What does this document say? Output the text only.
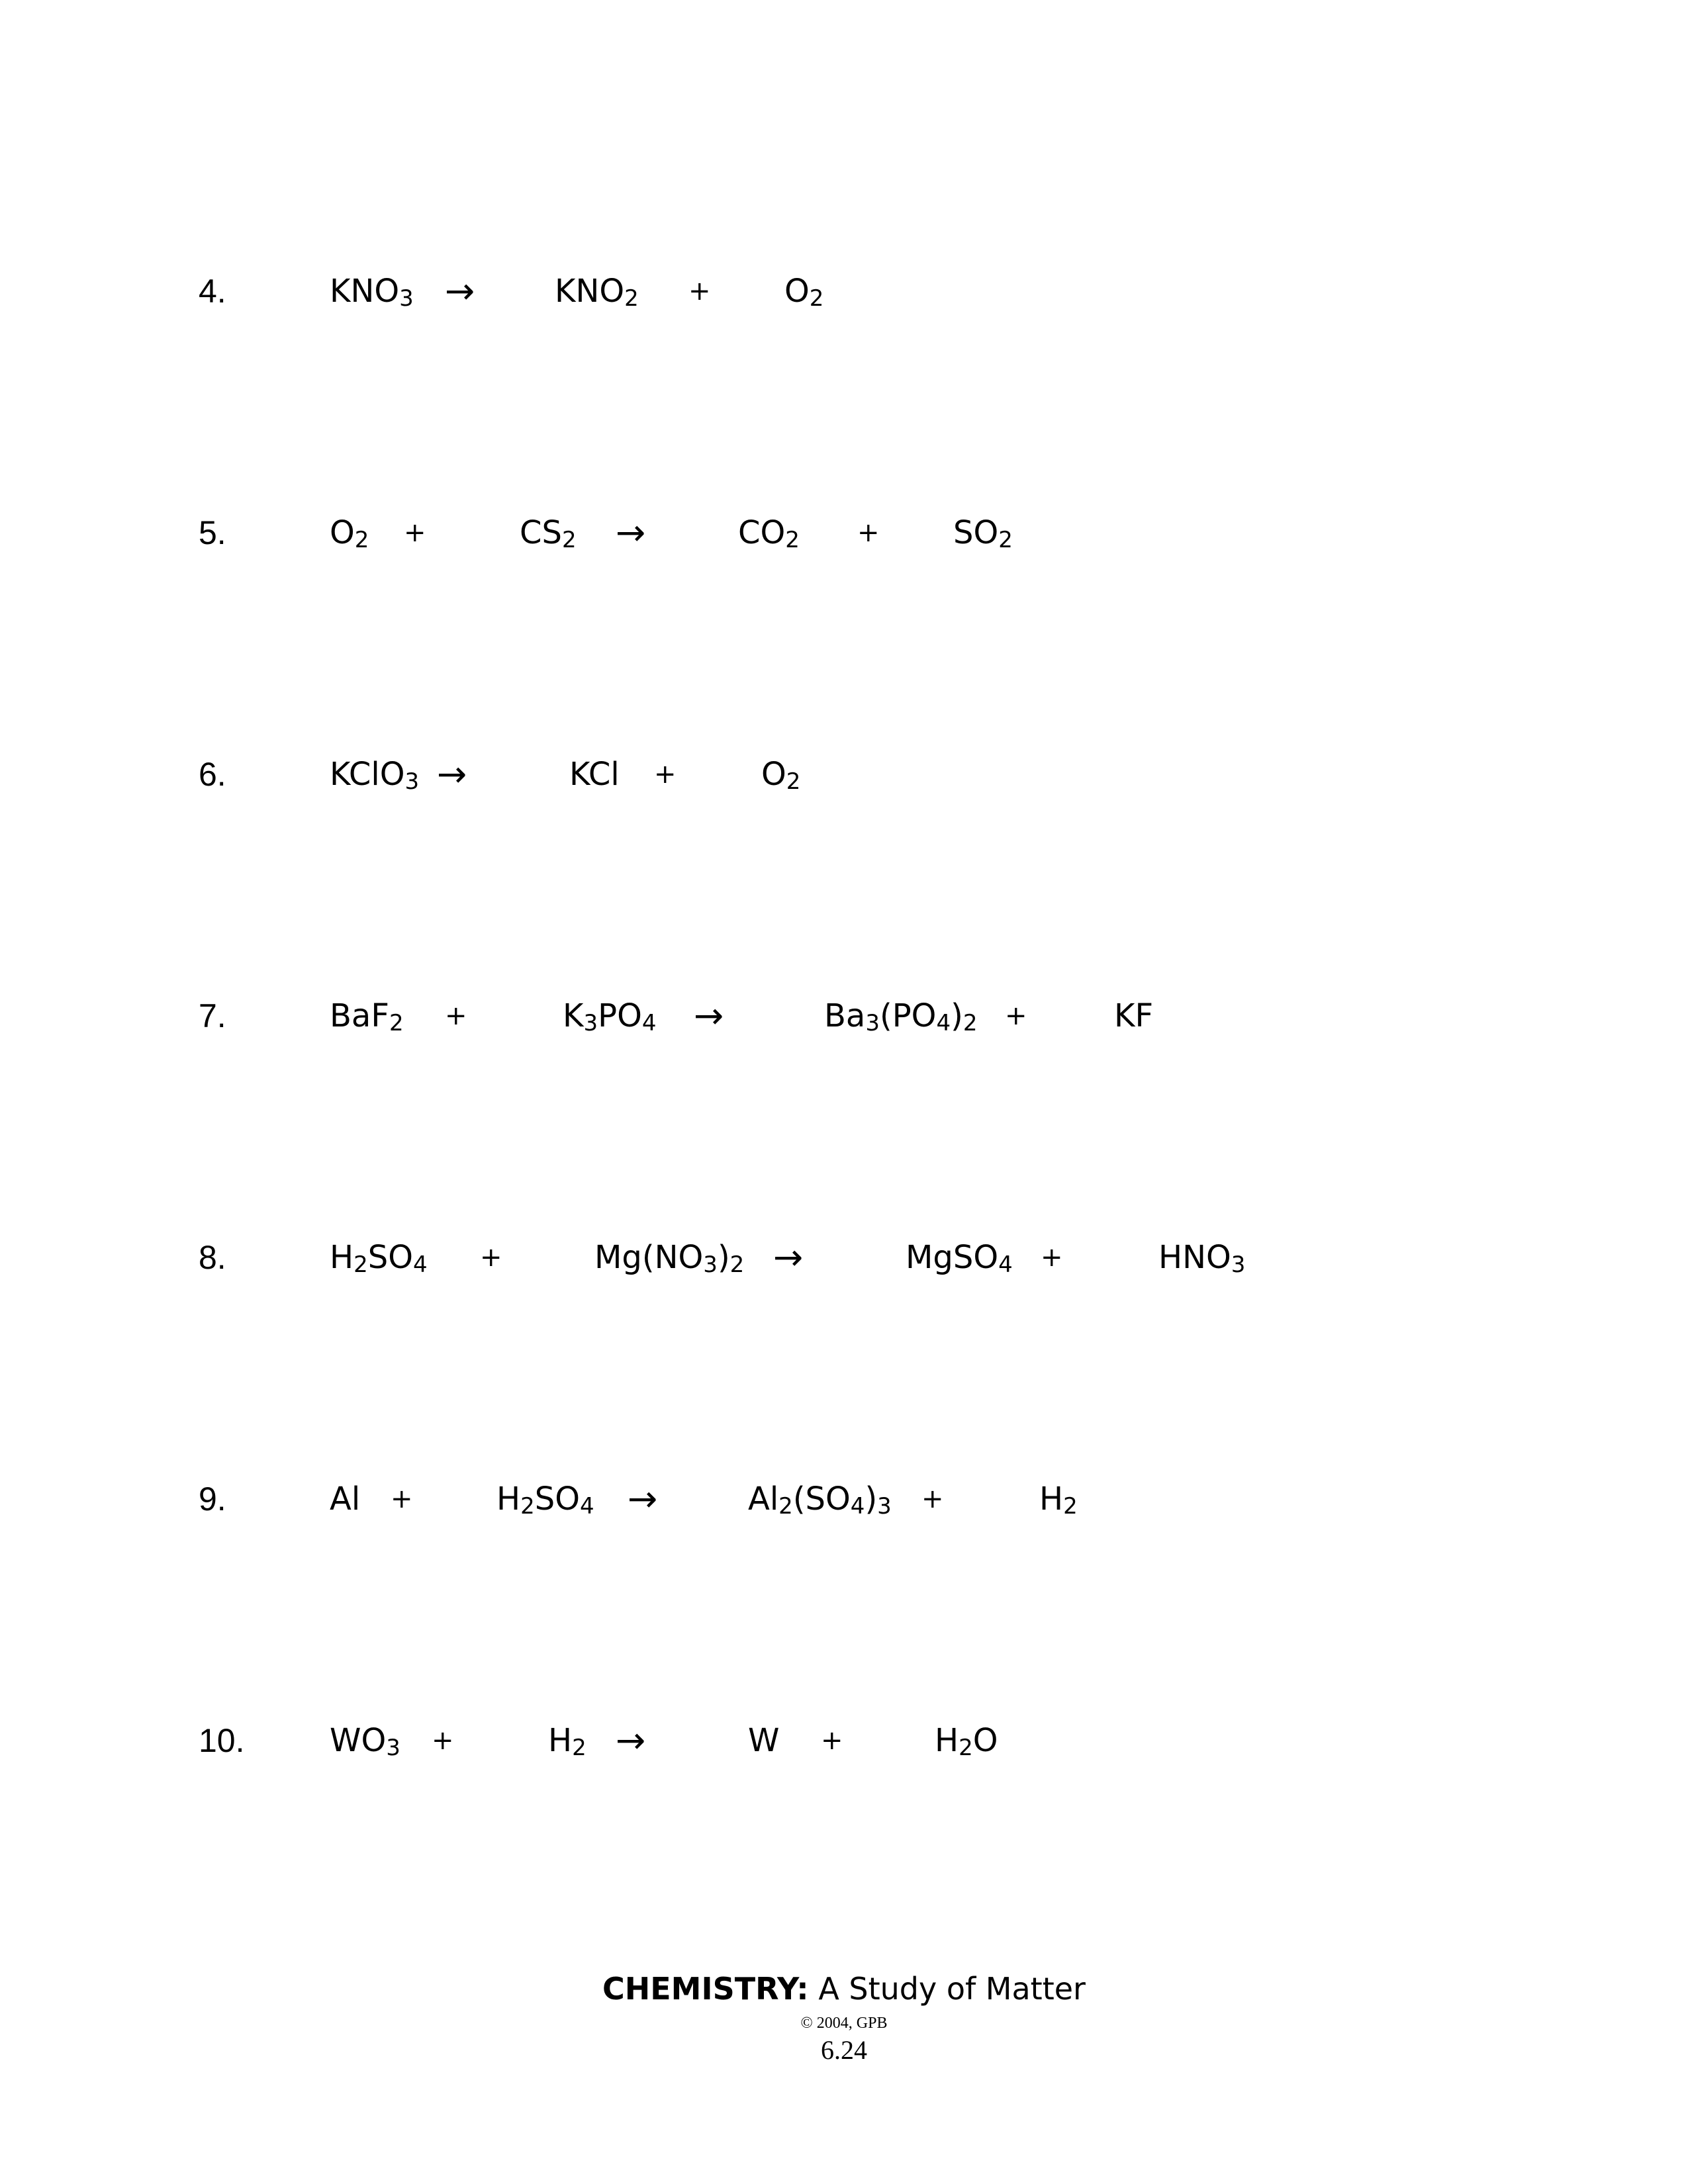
4.	$KNO_3$ →	$KNO_2 + O_2$
5.	$O_2$ +	$CS_2$ →	$CO_2 + SO_2$
6.	KClO$_3$ →	KCl +	$O_2$
7.	BaF$_2$ +	$K_3PO_4$ →	$Ba_3(PO_4)_2$ +	KF
8.	$H_2SO_4$ +	$Mg(NO_3)_2$ →	MgSO$_4$ +	$HNO_3$
9.	Al +	$H_2SO_4$ →	$Al_2(SO_4)_3$ +	$H_2$
10.	$WO_3$ +	$H_2$ →	W +	$H_2O$
CHEMISTRY: A Study of Matter
© 2004, GPB
6.24
